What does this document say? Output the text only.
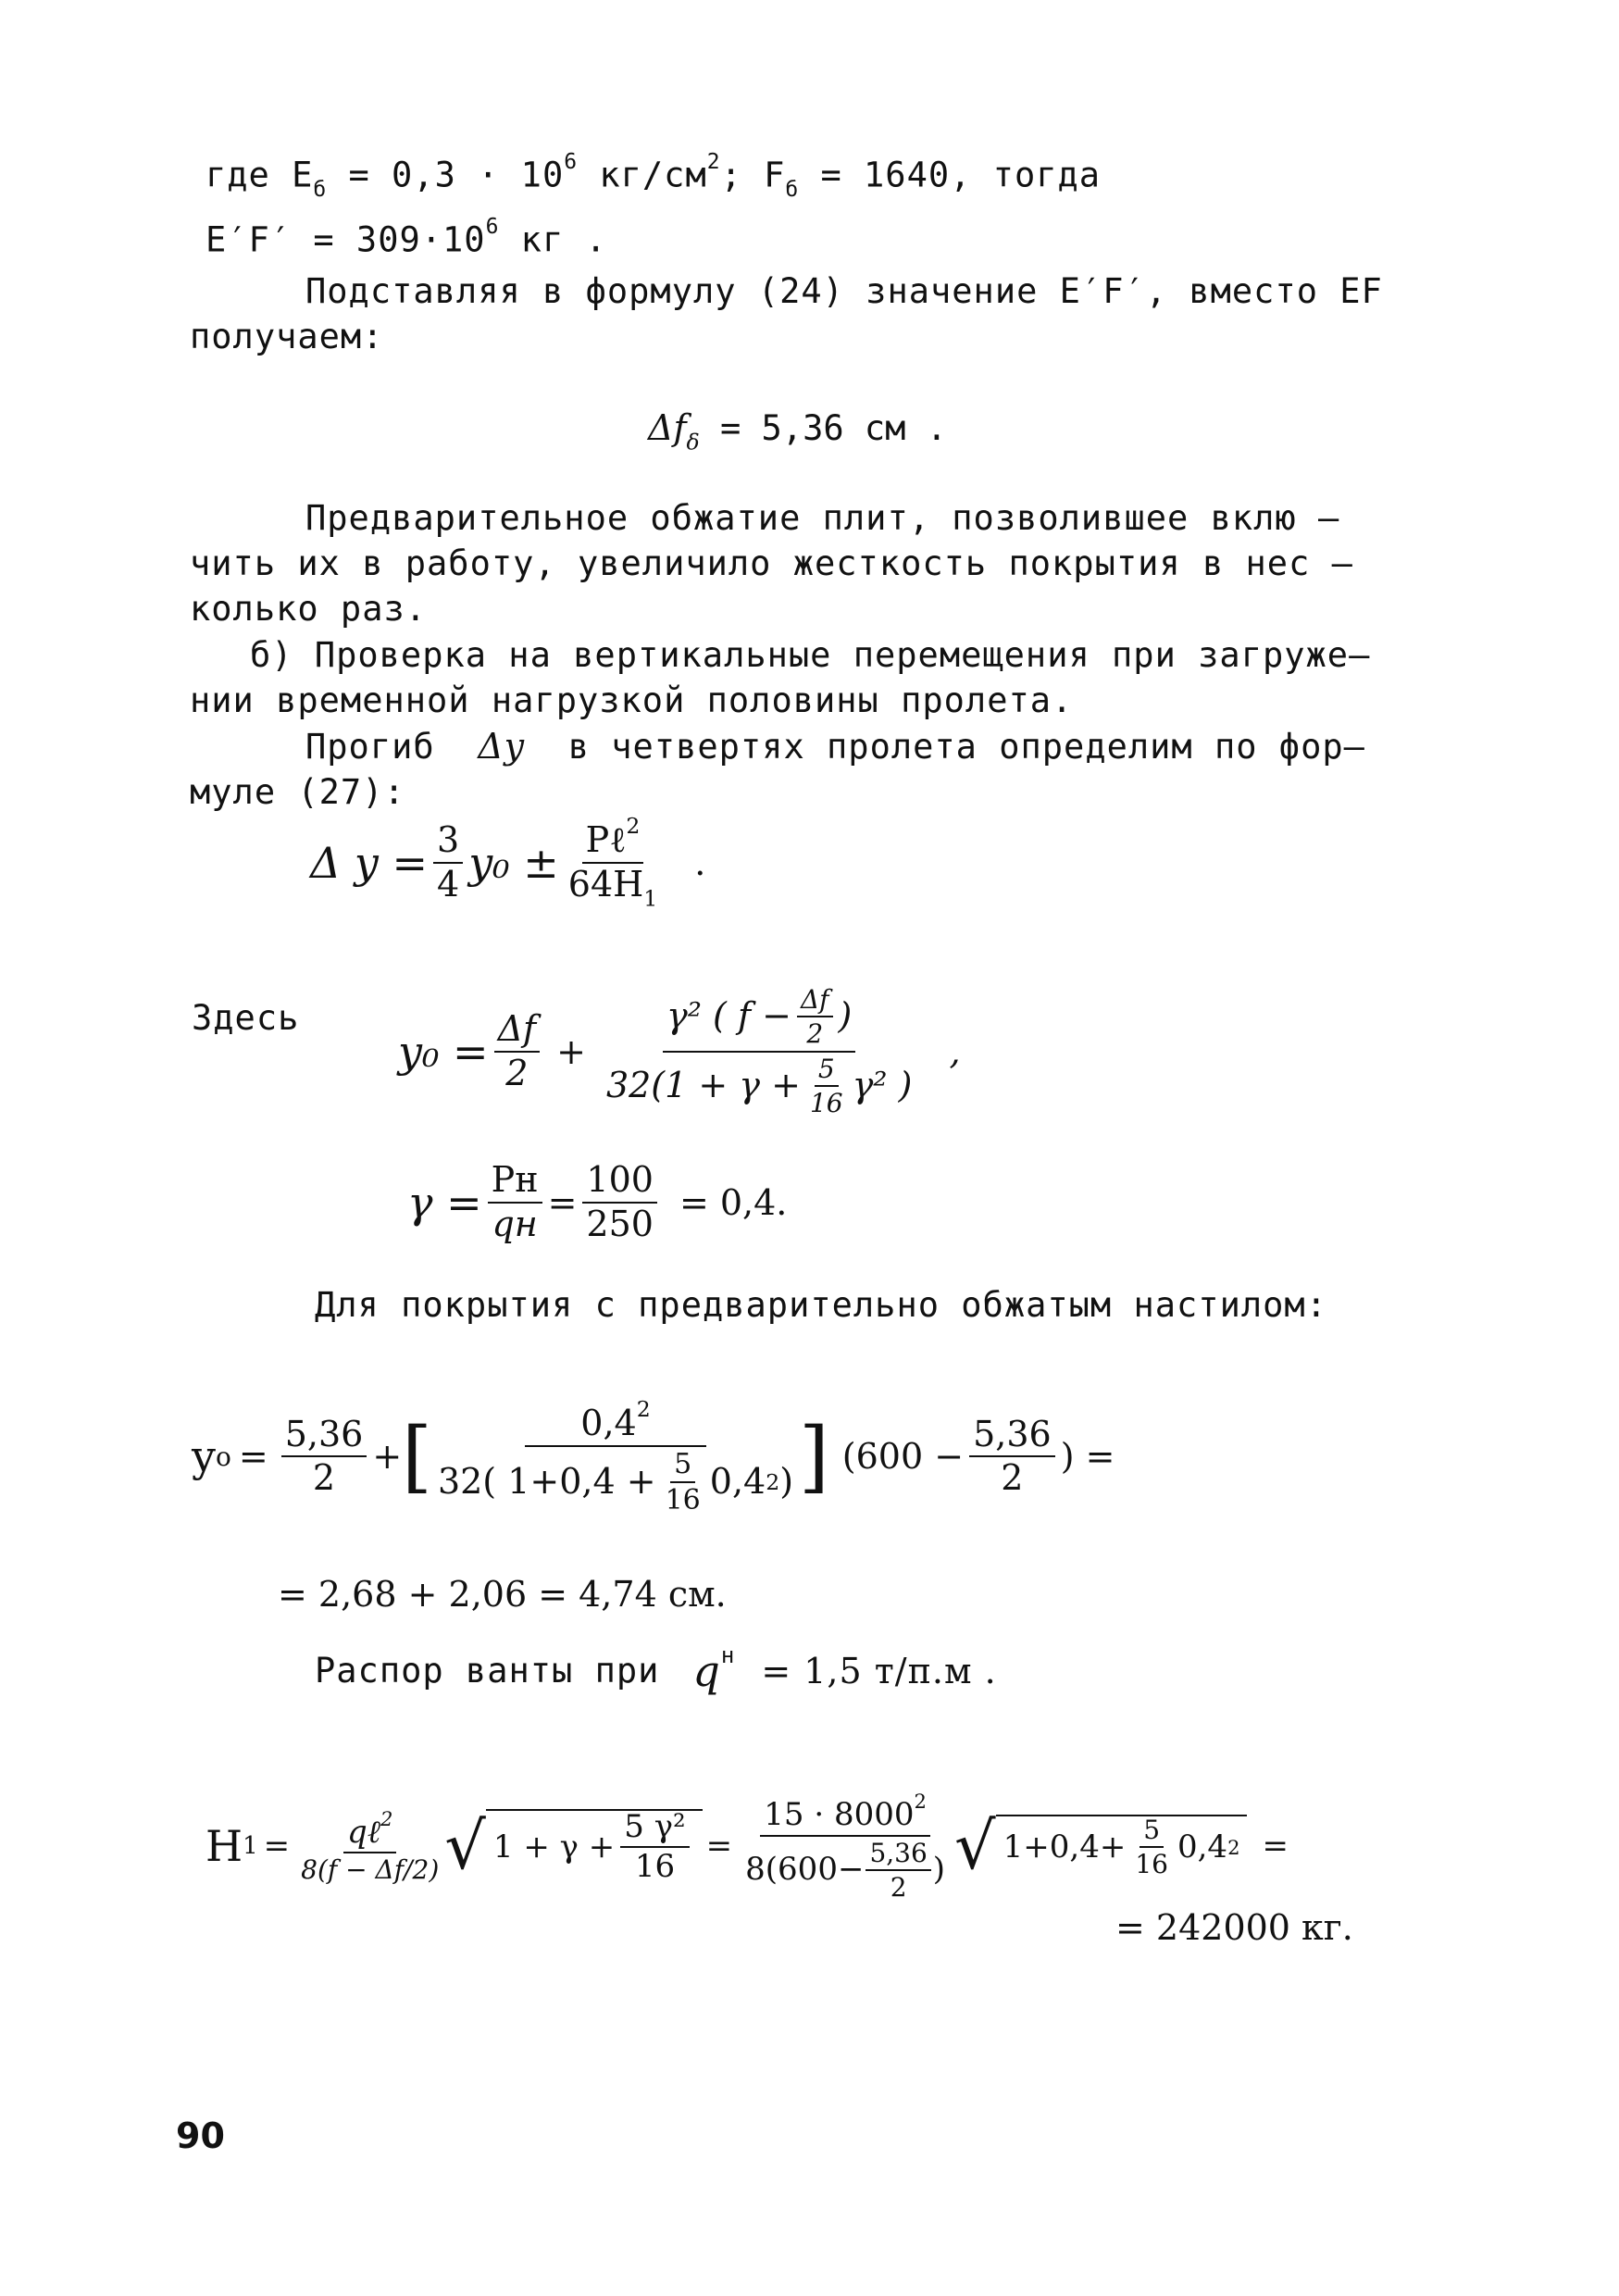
где $E_б = 0,3 \cdot 10^6$ $кг/см^2$; $F_б = 1640$, тогда
$E'F' = 309\cdot 10^6$ кг .
Подставляя в формулу (24) значение E′F′, вместо EF
получаем:
$\Delta f_\delta = 5,36$ см .
Предварительное обжатие плит, позволившее вклю –
чить их в работу, увеличило жесткость покрытия в нес –
колько раз.
б) Проверка на вертикальные перемещения при загруже–
нии временной нагрузкой половины пролета.
Прогиб Δy в четвертях пролета определим по фор–
муле (27):
Δ $y = \frac{3}{4} y_0 \pm \frac{P\ell^2}{64H_1}$ .
Здесь
$y_0 = \frac{\Delta f}{2} + \frac{\gamma^2 ( f - \frac{\Delta f}{2} )}{32(1 + \gamma + \frac{5}{16} \gamma^2 )}$ ,
$\gamma = \frac{Pн}{qн} = \frac{100}{250} = 0,4$.
Для покрытия с предварительно обжатым настилом:
y $o = \frac{5,36}{2}$ + [ $\frac{0,4^2}{32( 1+0,4 + \frac{5}{16} 0,4 2 )}$ ] ($600 - \frac{5,36}{2}$ ) =
= 2,68 + 2,06 = 4,74 см.
Распор ванты при q н = 1,5 т/п.м .
H $1 = \frac{q\ell^2}{8(f - \Delta f/2)}$ √ $1 + \gamma + \frac{\text{5 γ²}}{16} = \frac{15 \cdot 8000^2}{8(600- \frac{5,36}{2} )}$ √ $1+0,4+ \frac{5}{16} 0,4$ 2 =
= 242000 кг.
90
